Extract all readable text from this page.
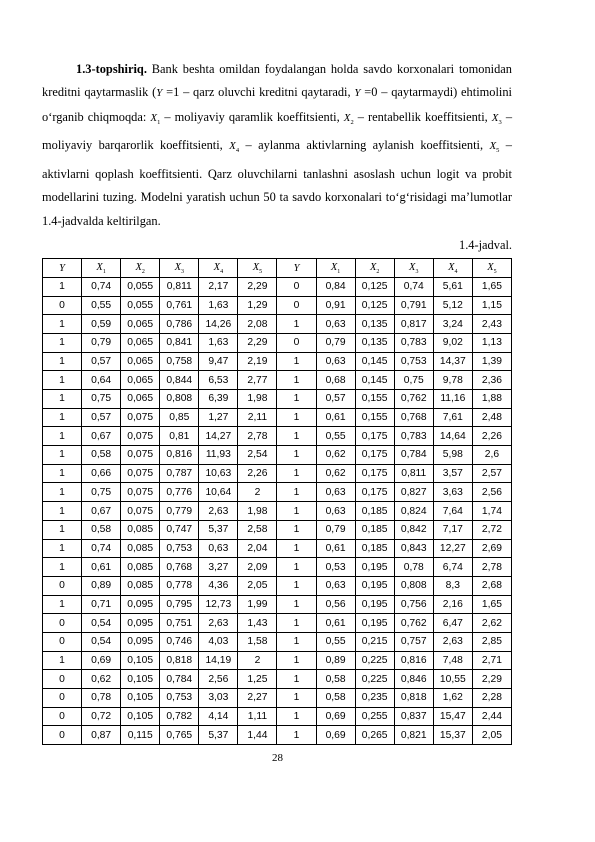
1.3-topshiriq. Bank beshta omildan foydalangan holda savdo korxonalari tomonidan kreditni qaytarmaslik (Y =1 – qarz oluvchi kreditni qaytaradi, Y =0 – qaytarmaydi) ehtimolini o‘rganib chiqmoqda: $X_1$ – moliyaviy qaramlik koeffitsienti, $X_2$ – rentabellik koeffitsienti, $X_3$ – moliyaviy barqarorlik koeffitsienti, $X_4$ – aylanma aktivlarning aylanish koeffitsienti, $X_5$ – aktivlarni qoplash koeffitsienti. Qarz oluvchilarni tanlashni asoslash uchun logit va probit modellarini tuzing. Modelni yaratish uchun 50 ta savdo korxonalari to‘g‘risidagi ma’lumotlar 1.4-jadvalda keltirilgan.

1.4-jadval.

Y	$X_1$	$X_2$	$X_3$	$X_4$	$X_5$	Y	$X_1$	$X_2$	$X_3$	$X_4$	$X_5$
1	0,74	0,055	0,811	2,17	2,29	0	0,84	0,125	0,74	5,61	1,65
0	0,55	0,055	0,761	1,63	1,29	0	0,91	0,125	0,791	5,12	1,15
1	0,59	0,065	0,786	14,26	2,08	1	0,63	0,135	0,817	3,24	2,43
1	0,79	0,065	0,841	1,63	2,29	0	0,79	0,135	0,783	9,02	1,13
1	0,57	0,065	0,758	9,47	2,19	1	0,63	0,145	0,753	14,37	1,39
1	0,64	0,065	0,844	6,53	2,77	1	0,68	0,145	0,75	9,78	2,36
1	0,75	0,065	0,808	6,39	1,98	1	0,57	0,155	0,762	11,16	1,88
1	0,57	0,075	0,85	1,27	2,11	1	0,61	0,155	0,768	7,61	2,48
1	0,67	0,075	0,81	14,27	2,78	1	0,55	0,175	0,783	14,64	2,26
1	0,58	0,075	0,816	11,93	2,54	1	0,62	0,175	0,784	5,98	2,6
1	0,66	0,075	0,787	10,63	2,26	1	0,62	0,175	0,811	3,57	2,57
1	0,75	0,075	0,776	10,64	2	1	0,63	0,175	0,827	3,63	2,56
1	0,67	0,075	0,779	2,63	1,98	1	0,63	0,185	0,824	7,64	1,74
1	0,58	0,085	0,747	5,37	2,58	1	0,79	0,185	0,842	7,17	2,72
1	0,74	0,085	0,753	0,63	2,04	1	0,61	0,185	0,843	12,27	2,69
1	0,61	0,085	0,768	3,27	2,09	1	0,53	0,195	0,78	6,74	2,78
0	0,89	0,085	0,778	4,36	2,05	1	0,63	0,195	0,808	8,3	2,68
1	0,71	0,095	0,795	12,73	1,99	1	0,56	0,195	0,756	2,16	1,65
0	0,54	0,095	0,751	2,63	1,43	1	0,61	0,195	0,762	6,47	2,62
0	0,54	0,095	0,746	4,03	1,58	1	0,55	0,215	0,757	2,63	2,85
1	0,69	0,105	0,818	14,19	2	1	0,89	0,225	0,816	7,48	2,71
0	0,62	0,105	0,784	2,56	1,25	1	0,58	0,225	0,846	10,55	2,29
0	0,78	0,105	0,753	3,03	2,27	1	0,58	0,235	0,818	1,62	2,28
0	0,72	0,105	0,782	4,14	1,11	1	0,69	0,255	0,837	15,47	2,44
0	0,87	0,115	0,765	5,37	1,44	1	0,69	0,265	0,821	15,37	2,05
28
